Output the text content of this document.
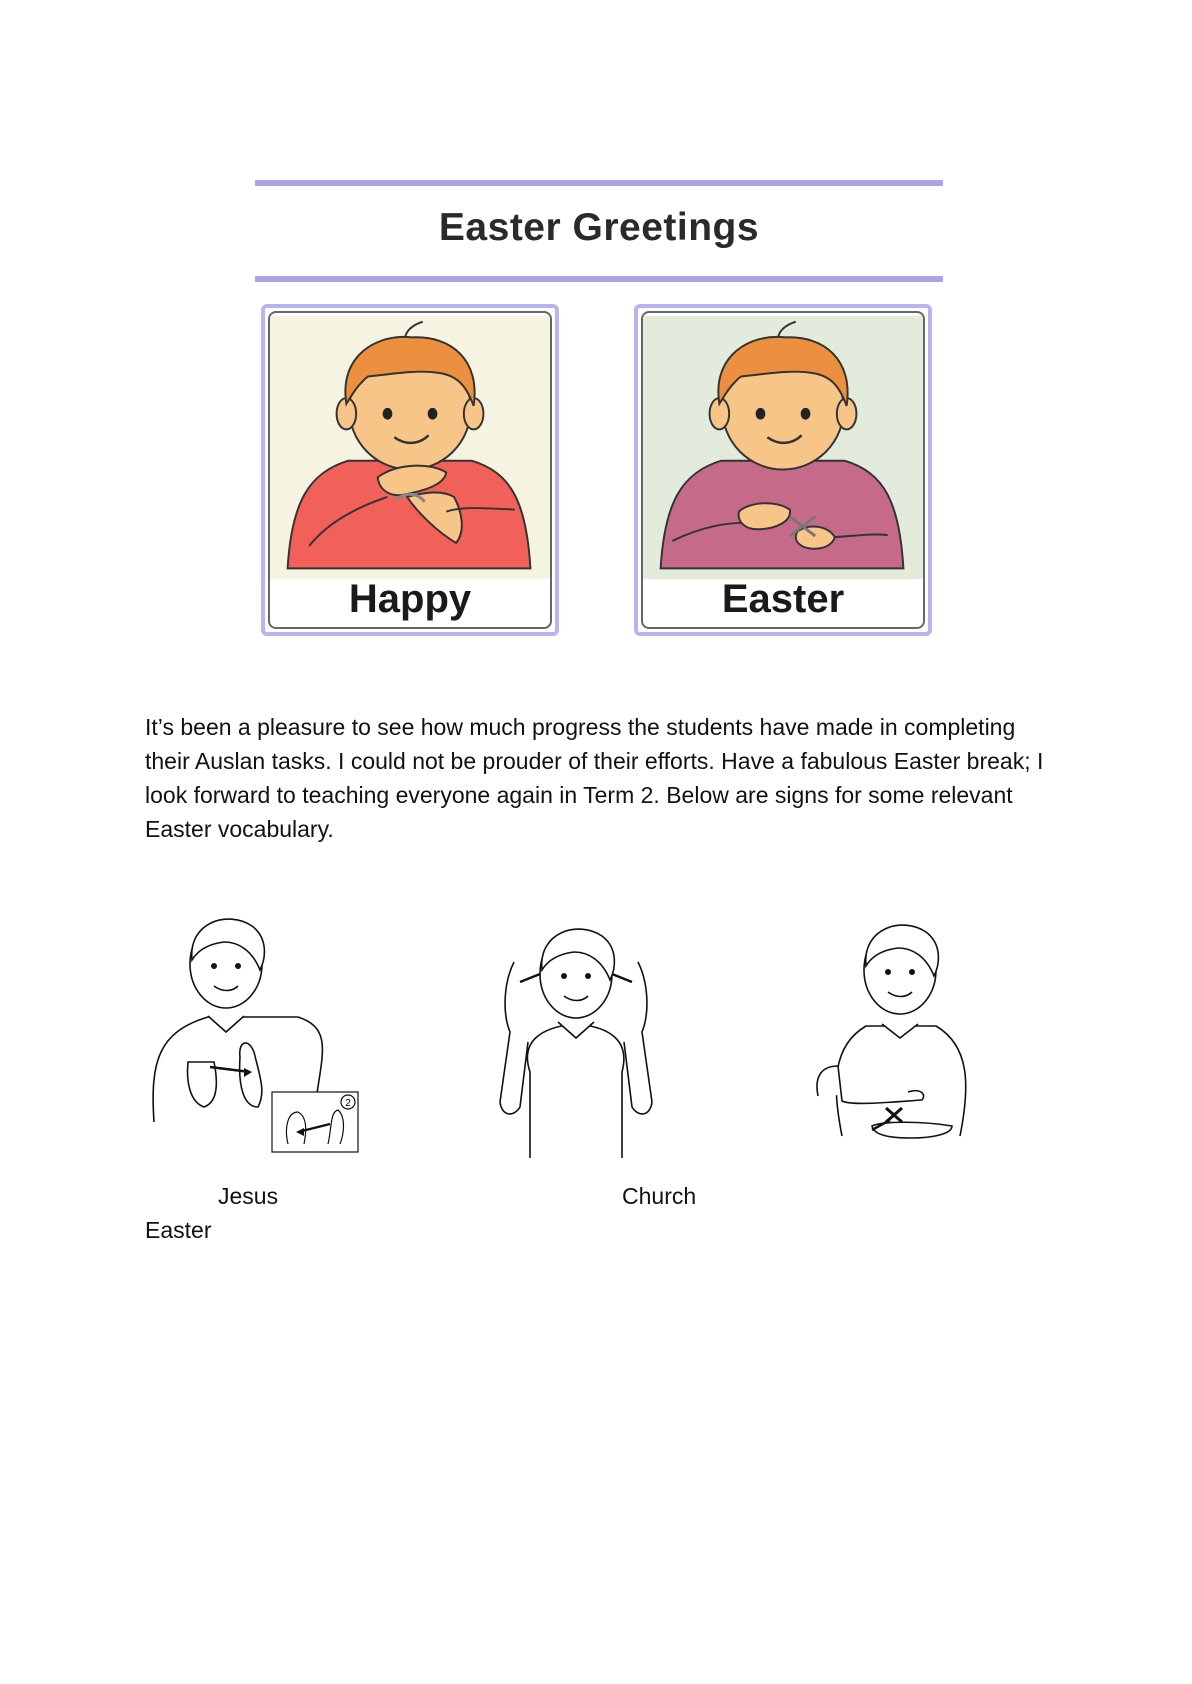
Easter Greetings
Happy	Easter
It’s been a pleasure to see how much progress the students have made in completing their Auslan tasks. I could not be prouder of their efforts. Have a fabulous Easter break; I look forward to teaching everyone again in Term 2. Below are signs for some relevant Easter vocabulary.
2
Jesus	Church
Easter
